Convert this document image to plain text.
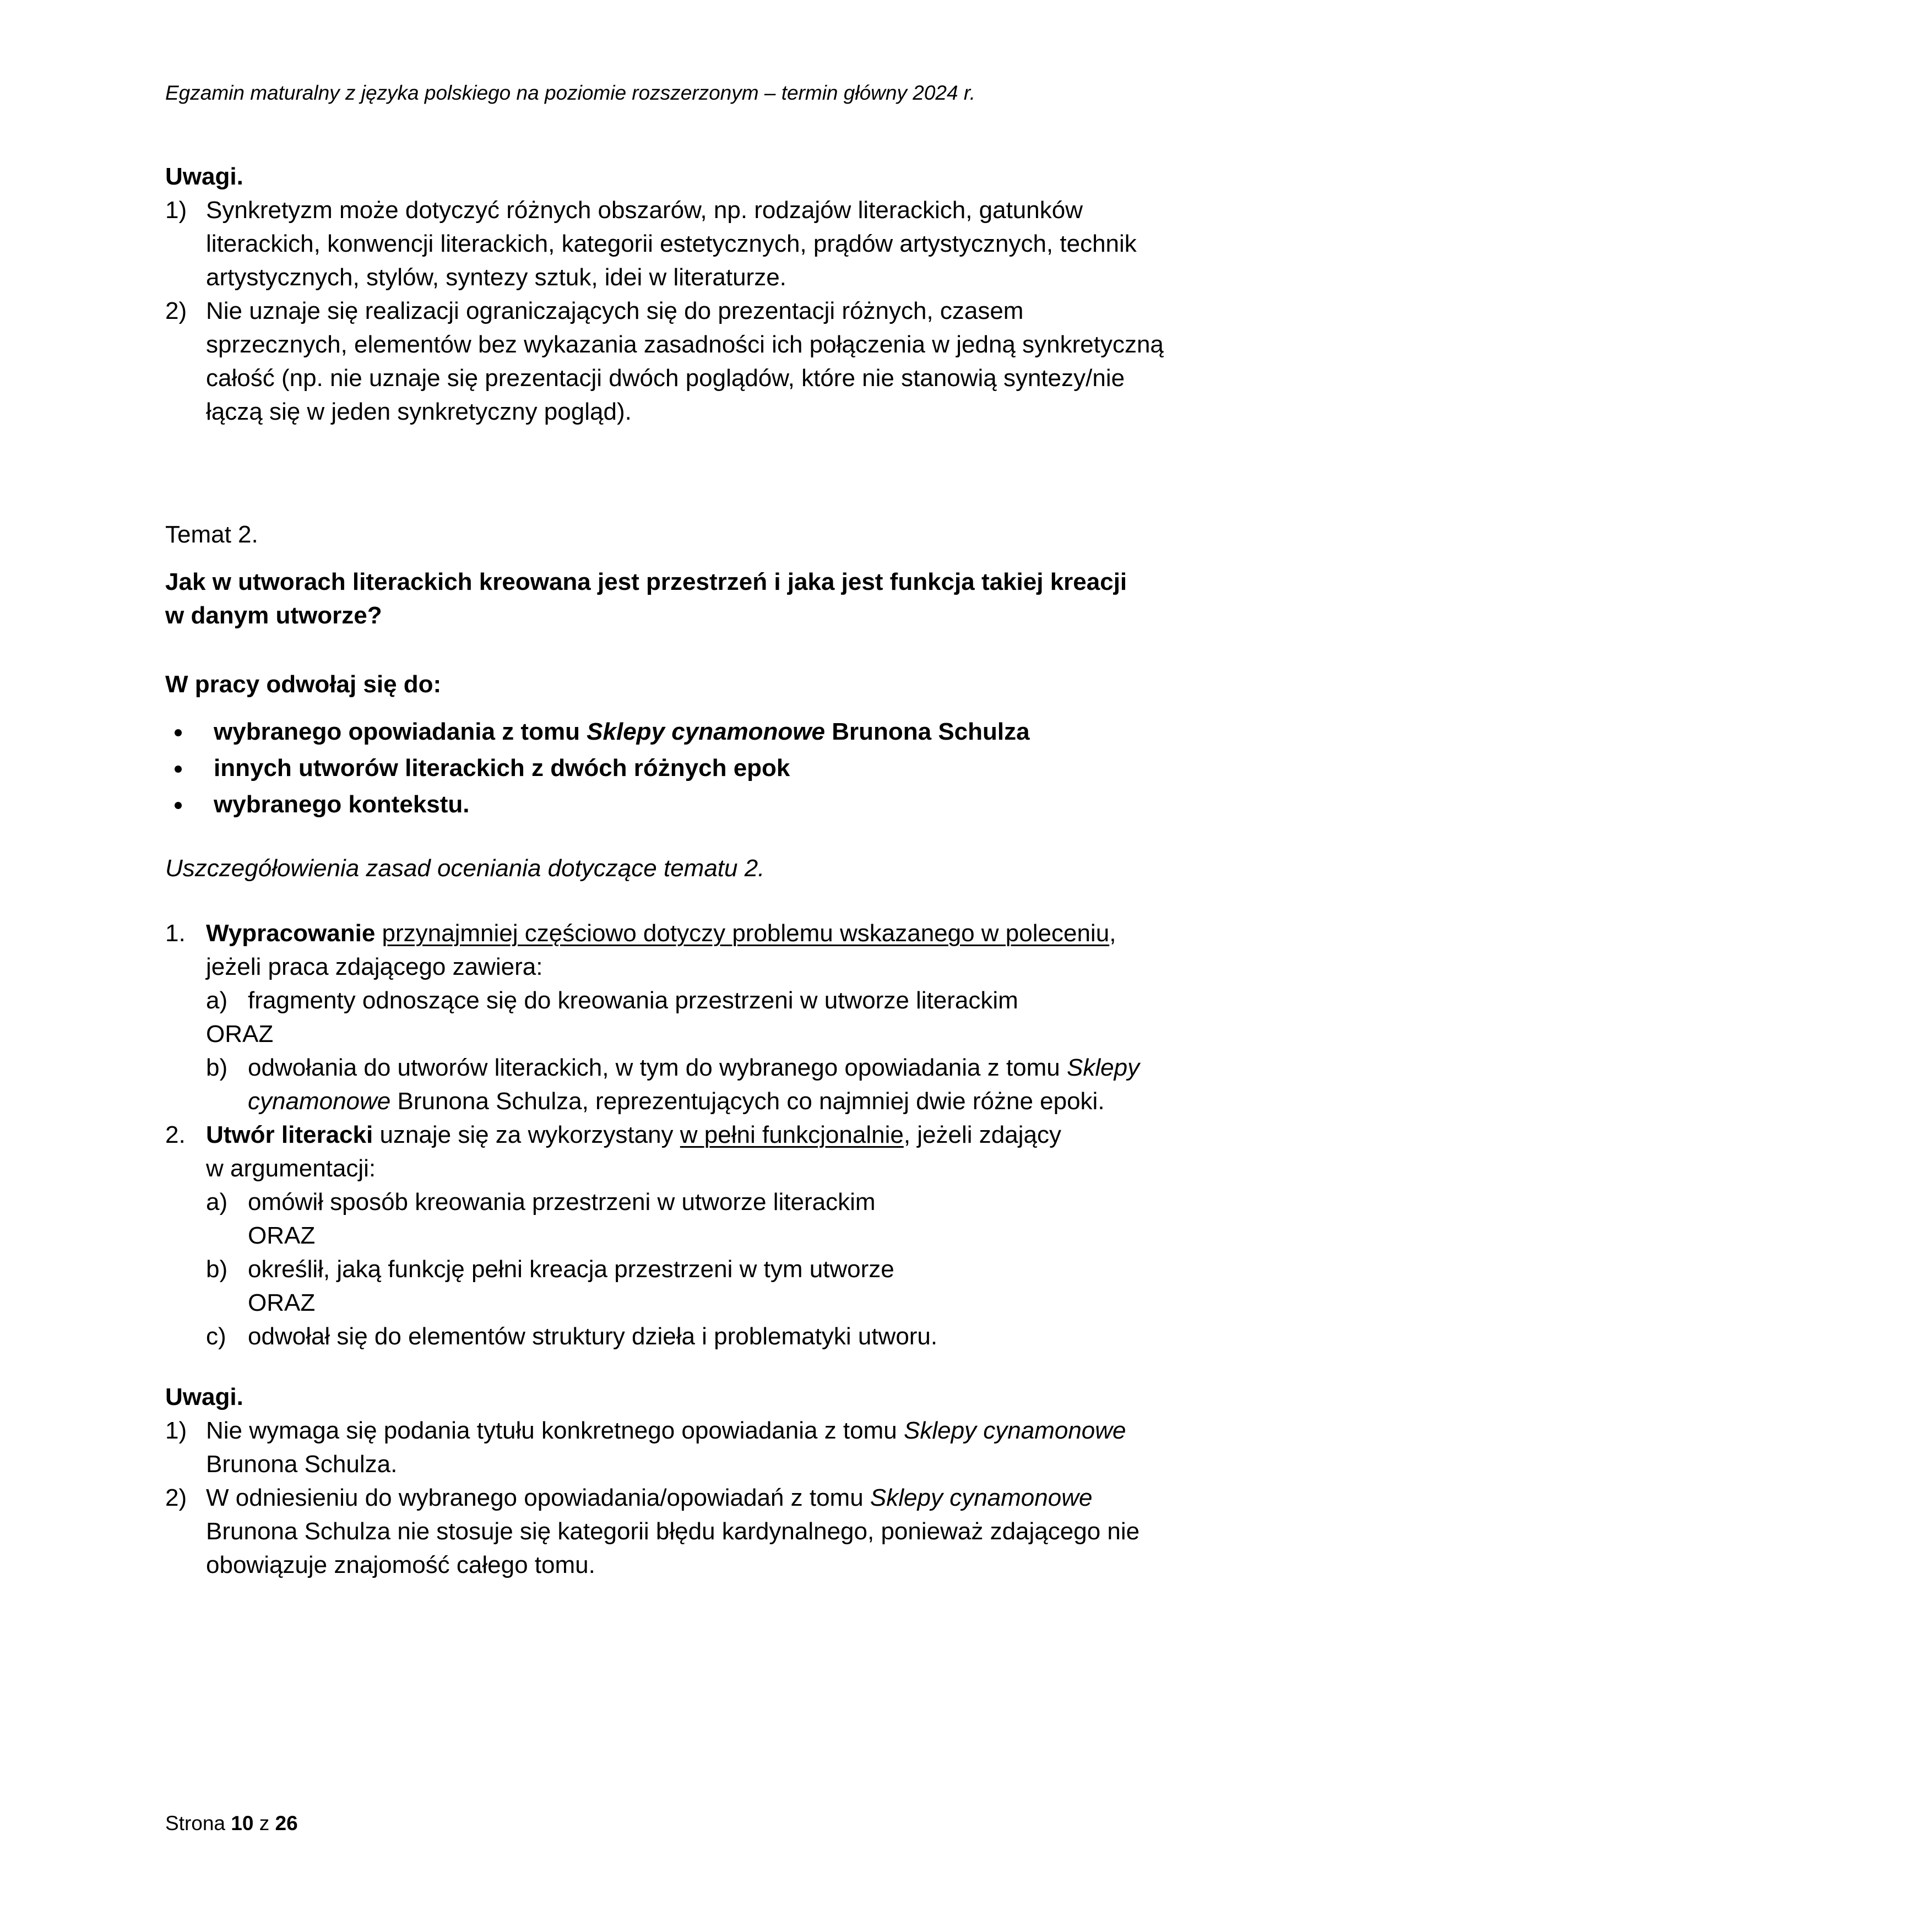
Egzamin maturalny z języka polskiego na poziomie rozszerzonym – termin główny 2024 r.
Uwagi.
1) Synkretyzm może dotyczyć różnych obszarów, np. rodzajów literackich, gatunków
literackich, konwencji literackich, kategorii estetycznych, prądów artystycznych, technik
artystycznych, stylów, syntezy sztuk, idei w literaturze.
2) Nie uznaje się realizacji ograniczających się do prezentacji różnych, czasem
sprzecznych, elementów bez wykazania zasadności ich połączenia w jedną synkretyczną
całość (np. nie uznaje się prezentacji dwóch poglądów, które nie stanowią syntezy/nie
łączą się w jeden synkretyczny pogląd).
Temat 2.
Jak w utworach literackich kreowana jest przestrzeń i jaka jest funkcja takiej kreacji
w danym utworze?
W pracy odwołaj się do:
wybranego opowiadania z tomu Sklepy cynamonowe Brunona Schulza
innych utworów literackich z dwóch różnych epok
wybranego kontekstu.
Uszczegółowienia zasad oceniania dotyczące tematu 2.
1. Wypracowanie przynajmniej częściowo dotyczy problemu wskazanego w poleceniu,
jeżeli praca zdającego zawiera:
a) fragmenty odnoszące się do kreowania przestrzeni w utworze literackim
ORAZ
b) odwołania do utworów literackich, w tym do wybranego opowiadania z tomu Sklepy
cynamonowe Brunona Schulza, reprezentujących co najmniej dwie różne epoki.
2. Utwór literacki uznaje się za wykorzystany w pełni funkcjonalnie, jeżeli zdający
w argumentacji:
a) omówił sposób kreowania przestrzeni w utworze literackim
ORAZ
b) określił, jaką funkcję pełni kreacja przestrzeni w tym utworze
ORAZ
c) odwołał się do elementów struktury dzieła i problematyki utworu.
Uwagi.
1) Nie wymaga się podania tytułu konkretnego opowiadania z tomu Sklepy cynamonowe
Brunona Schulza.
2) W odniesieniu do wybranego opowiadania/opowiadań z tomu Sklepy cynamonowe
Brunona Schulza nie stosuje się kategorii błędu kardynalnego, ponieważ zdającego nie
obowiązuje znajomość całego tomu.
Strona 10 z 26
